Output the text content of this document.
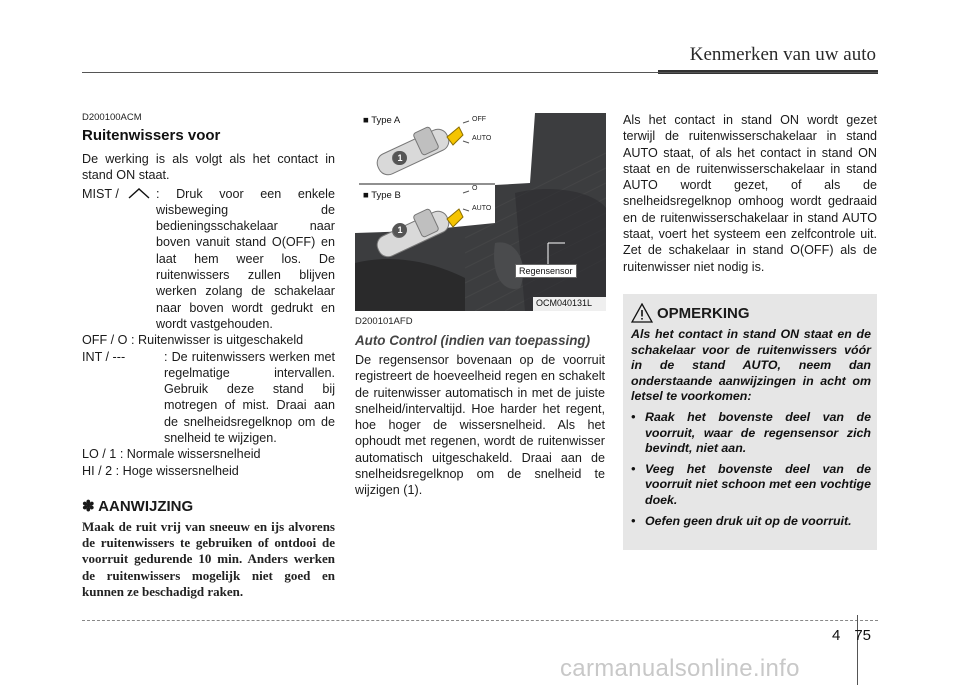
Kenmerken van uw auto
D200100ACM
Ruitenwissers voor
De werking is als volgt als het contact in stand ON staat.
MIST /	: Druk voor een enkele wisbeweging de bedieningsschakelaar naar boven vanuit stand O(OFF) en laat hem weer los. De ruitenwissers zullen blijven werken zolang de schakelaar naar boven wordt gedrukt en wordt vastgehouden.
OFF / O : Ruitenwisser is uitgeschakeld
INT / ---	: De ruitenwissers werken met regelmatige intervallen. Gebruik deze stand bij motregen of mist. Draai aan de snelheidsregelknop om de snelheid te wijzigen.
LO / 1 : Normale wissersnelheid
HI / 2 : Hoge wissersnelheid
✽ AANWIJZING
Maak de ruit vrij van sneeuw en ijs alvorens de ruitenwissers te gebruiken of ontdooi de voorruit gedurende 10 min. Anders werken de ruitenwissers mogelijk niet goed en kunnen ze beschadigd raken.
■ Type A
■ Type B
OFF
AUTO
O
AUTO
1
1
Regensensor
OCM040131L
D200101AFD
Auto Control (indien van toepassing)
De regensensor bovenaan op de voorruit registreert de hoeveelheid regen en schakelt de ruitenwisser automatisch in met de juiste snelheid/intervaltijd. Hoe harder het regent, hoe hoger de wissersnelheid. Als het ophoudt met regenen, wordt de ruitenwisser automatisch uitgeschakeld. Draai aan de snelheidsregelknop om de snelheid te wijzigen (1).
Als het contact in stand ON wordt gezet terwijl de ruitenwisserschakelaar in stand AUTO staat, of als het contact in stand ON staat en de ruitenwisserschakelaar in stand AUTO wordt gezet, of als de snelheidsregelknop omhoog wordt gedraaid en de ruitenwisserschakelaar in stand AUTO staat, voert het systeem een zelfcontrole uit. Zet de schakelaar in stand O(OFF) als de ruitenwisser niet nodig is.
OPMERKING
Als het contact in stand ON staat en de schakelaar voor de ruitenwissers vóór in de stand AUTO, neem dan onderstaande aanwijzingen in acht om letsel te voorkomen:
• Raak het bovenste deel van de voorruit, waar de regensensor zich bevindt, niet aan.
• Veeg het bovenste deel van de voorruit niet schoon met een vochtige doek.
• Oefen geen druk uit op de voorruit.
4 75
carmanualsonline.info
